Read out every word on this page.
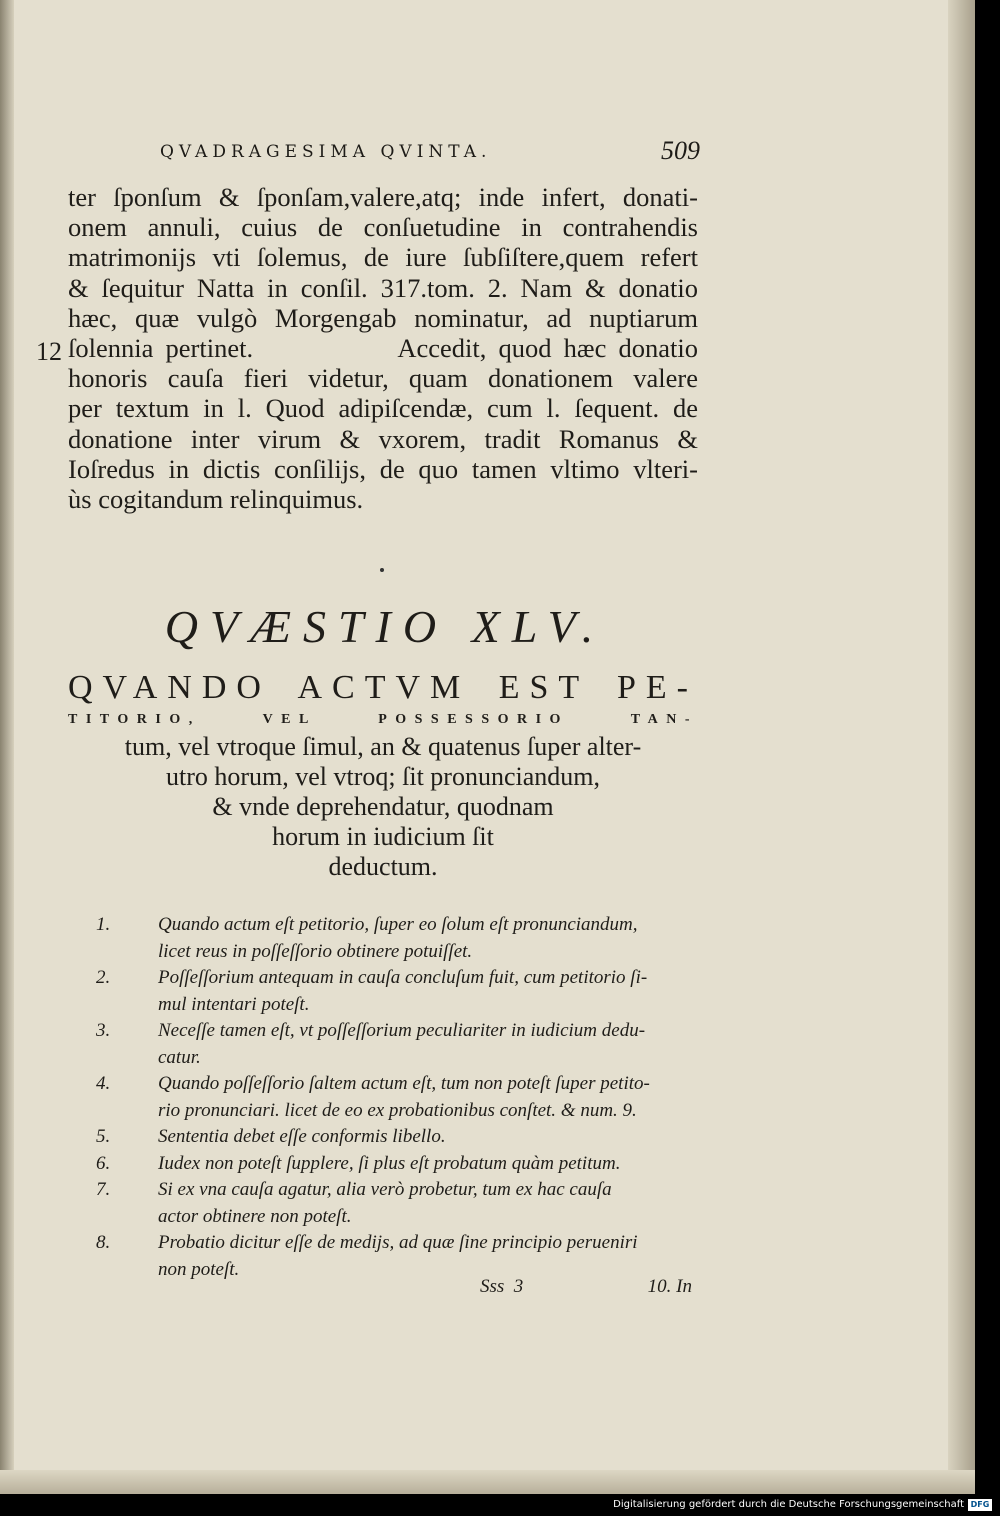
QVADRAGESIMA QVINTA.	509
12
ter ſponſum & ſponſam,valere,atq; inde infert, donati-
onem annuli, cuius de conſuetudine in contrahendis
matrimonijs vti ſolemus, de iure ſubſiſtere,quem refert
& ſequitur Natta in conſil. 317.tom. 2. Nam & donatio
hæc, quæ vulgò Morgengab nominatur, ad nuptiarum
ſolennia pertinet.            Accedit, quod hæc donatio
honoris cauſa fieri videtur, quam donationem valere
per textum in l. Quod adipiſcendæ, cum l. ſequent. de
donatione inter virum & vxorem, tradit Romanus &
Ioſredus in dictis conſilijs, de quo tamen vltimo vlteri-
ùs cogitandum relinquimus.
QVÆSTIO XLV.
QVANDO ACTVM EST PE-
TITORIO, VEL POSSESSORIO TAN-
tum, vel vtroque ſimul, an & quatenus ſuper alter-
utro horum, vel vtroq; ſit pronunciandum,
& vnde deprehendatur, quodnam
horum in iudicium ſit
deductum.
1.	Quando actum eſt petitorio, ſuper eo ſolum eſt pronunciandum,
licet reus in poſſeſſorio obtinere potuiſſet.
2.	Poſſeſſorium antequam in cauſa concluſum fuit, cum petitorio ſi-
mul intentari poteſt.
3.	Neceſſe tamen eſt, vt poſſeſſorium peculiariter in iudicium dedu-
catur.
4.	Quando poſſeſſorio ſaltem actum eſt, tum non poteſt ſuper petito-
rio pronunciari. licet de eo ex probationibus conſtet. & num. 9.
5.	Sententia debet eſſe conformis libello.
6.	Iudex non poteſt ſupplere, ſi plus eſt probatum quàm petitum.
7.	Si ex vna cauſa agatur, alia verò probetur, tum ex hac cauſa
actor obtinere non poteſt.
8.	Probatio dicitur eſſe de medijs, ad quæ ſine principio perueniri
non poteſt.
Sss  3	10. In
Digitalisierung gefördert durch die Deutsche Forschungsgemeinschaft DFG
